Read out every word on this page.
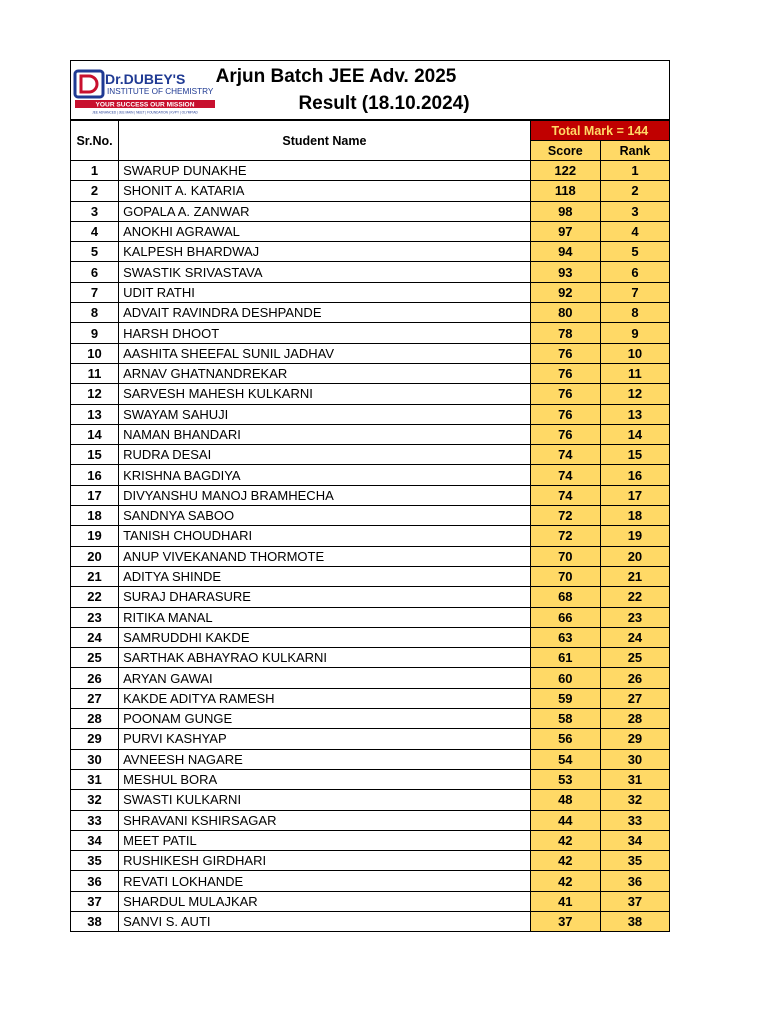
Dr.DUBEY'S
INSTITUTE OF CHEMISTRY
YOUR SUCCESS OUR MISSION
JEE ADVANCED | JEE MAIN | NEET | FOUNDATION | KVPY | OLYMPIAD
Arjun Batch JEE Adv. 2025
Result (18.10.2024)
Sr.No.	Student Name	Total Mark = 144	
		Score	Rank
1	SWARUP DUNAKHE	122	1
2	SHONIT A. KATARIA	118	2
3	GOPALA A. ZANWAR	98	3
4	ANOKHI AGRAWAL	97	4
5	KALPESH BHARDWAJ	94	5
6	SWASTIK SRIVASTAVA	93	6
7	UDIT RATHI	92	7
8	ADVAIT RAVINDRA DESHPANDE	80	8
9	HARSH DHOOT	78	9
10	AASHITA SHEEFAL SUNIL JADHAV	76	10
11	ARNAV GHATNANDREKAR	76	11
12	SARVESH MAHESH KULKARNI	76	12
13	SWAYAM SAHUJI	76	13
14	NAMAN BHANDARI	76	14
15	RUDRA DESAI	74	15
16	KRISHNA BAGDIYA	74	16
17	DIVYANSHU MANOJ BRAMHECHA	74	17
18	SANDNYA SABOO	72	18
19	TANISH CHOUDHARI	72	19
20	ANUP VIVEKANAND THORMOTE	70	20
21	ADITYA SHINDE	70	21
22	SURAJ DHARASURE	68	22
23	RITIKA MANAL	66	23
24	SAMRUDDHI KAKDE	63	24
25	SARTHAK ABHAYRAO KULKARNI	61	25
26	ARYAN GAWAI	60	26
27	KAKDE ADITYA RAMESH	59	27
28	POONAM GUNGE	58	28
29	PURVI KASHYAP	56	29
30	AVNEESH NAGARE	54	30
31	MESHUL BORA	53	31
32	SWASTI KULKARNI	48	32
33	SHRAVANI KSHIRSAGAR	44	33
34	MEET PATIL	42	34
35	RUSHIKESH GIRDHARI	42	35
36	REVATI LOKHANDE	42	36
37	SHARDUL MULAJKAR	41	37
38	SANVI S. AUTI	37	38
